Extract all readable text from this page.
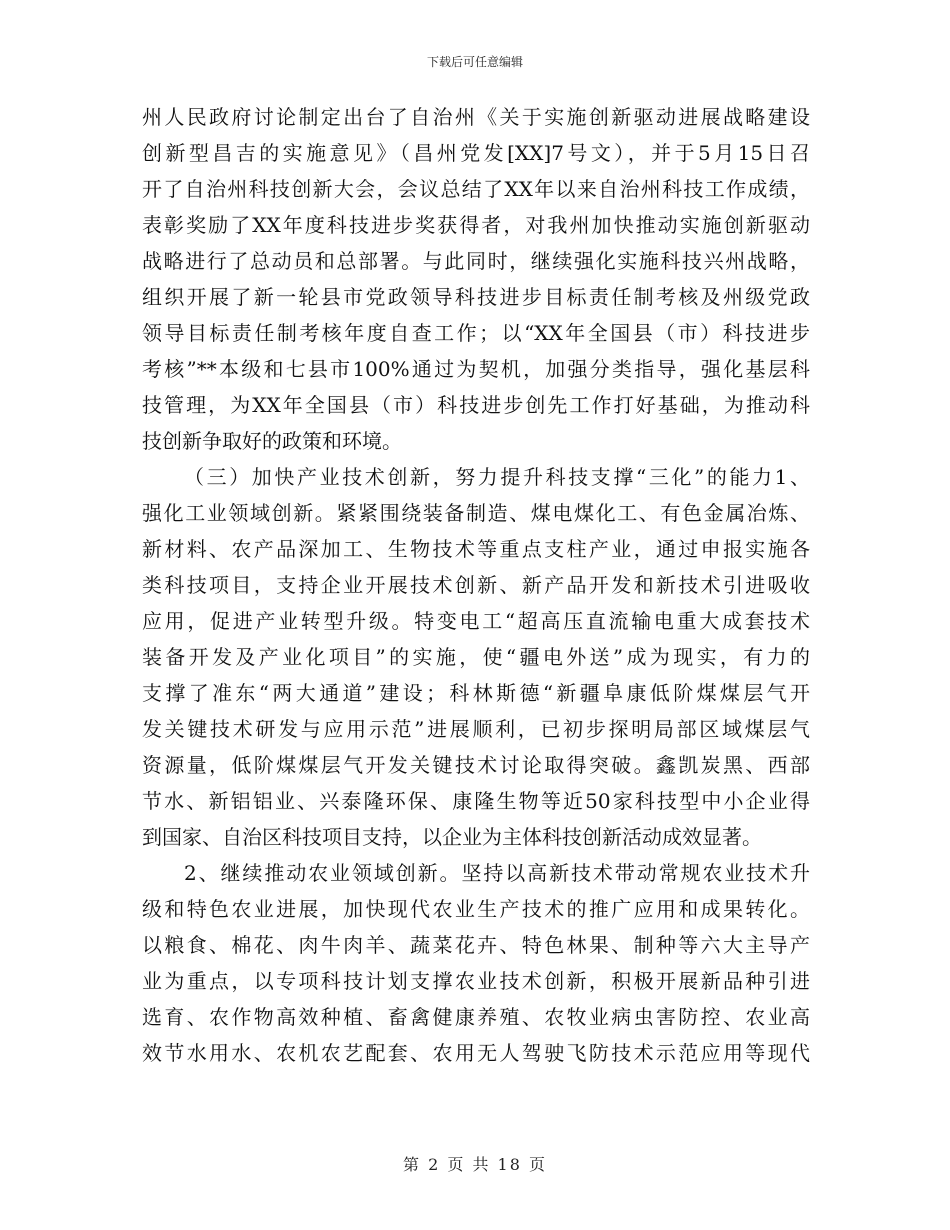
下载后可任意编辑
州人民政府讨论制定出台了自治州《关于实施创新驱动进展战略建设
创新型昌吉的实施意见》（昌州党发[XX]7号文），并于5月15日召
开了自治州科技创新大会，会议总结了XX年以来自治州科技工作成绩，
表彰奖励了XX年度科技进步奖获得者，对我州加快推动实施创新驱动
战略进行了总动员和总部署。与此同时，继续强化实施科技兴州战略，
组织开展了新一轮县市党政领导科技进步目标责任制考核及州级党政
领导目标责任制考核年度自查工作；以“XX年全国县（市）科技进步
考核”**本级和七县市100%通过为契机，加强分类指导，强化基层科
技管理，为XX年全国县（市）科技进步创先工作打好基础，为推动科
技创新争取好的政策和环境。
（三）加快产业技术创新，努力提升科技支撑“三化”的能力1、
强化工业领域创新。紧紧围绕装备制造、煤电煤化工、有色金属冶炼、
新材料、农产品深加工、生物技术等重点支柱产业，通过申报实施各
类科技项目，支持企业开展技术创新、新产品开发和新技术引进吸收
应用，促进产业转型升级。特变电工“超高压直流输电重大成套技术
装备开发及产业化项目”的实施，使“疆电外送”成为现实，有力的
支撑了准东“两大通道”建设；科林斯德“新疆阜康低阶煤煤层气开
发关键技术研发与应用示范”进展顺利，已初步探明局部区域煤层气
资源量，低阶煤煤层气开发关键技术讨论取得突破。鑫凯炭黑、西部
节水、新铝铝业、兴泰隆环保、康隆生物等近50家科技型中小企业得
到国家、自治区科技项目支持，以企业为主体科技创新活动成效显著。
2、继续推动农业领域创新。坚持以高新技术带动常规农业技术升
级和特色农业进展，加快现代农业生产技术的推广应用和成果转化。
以粮食、棉花、肉牛肉羊、蔬菜花卉、特色林果、制种等六大主导产
业为重点，以专项科技计划支撑农业技术创新，积极开展新品种引进
选育、农作物高效种植、畜禽健康养殖、农牧业病虫害防控、农业高
效节水用水、农机农艺配套、农用无人驾驶飞防技术示范应用等现代
第 2 页 共 18 页
